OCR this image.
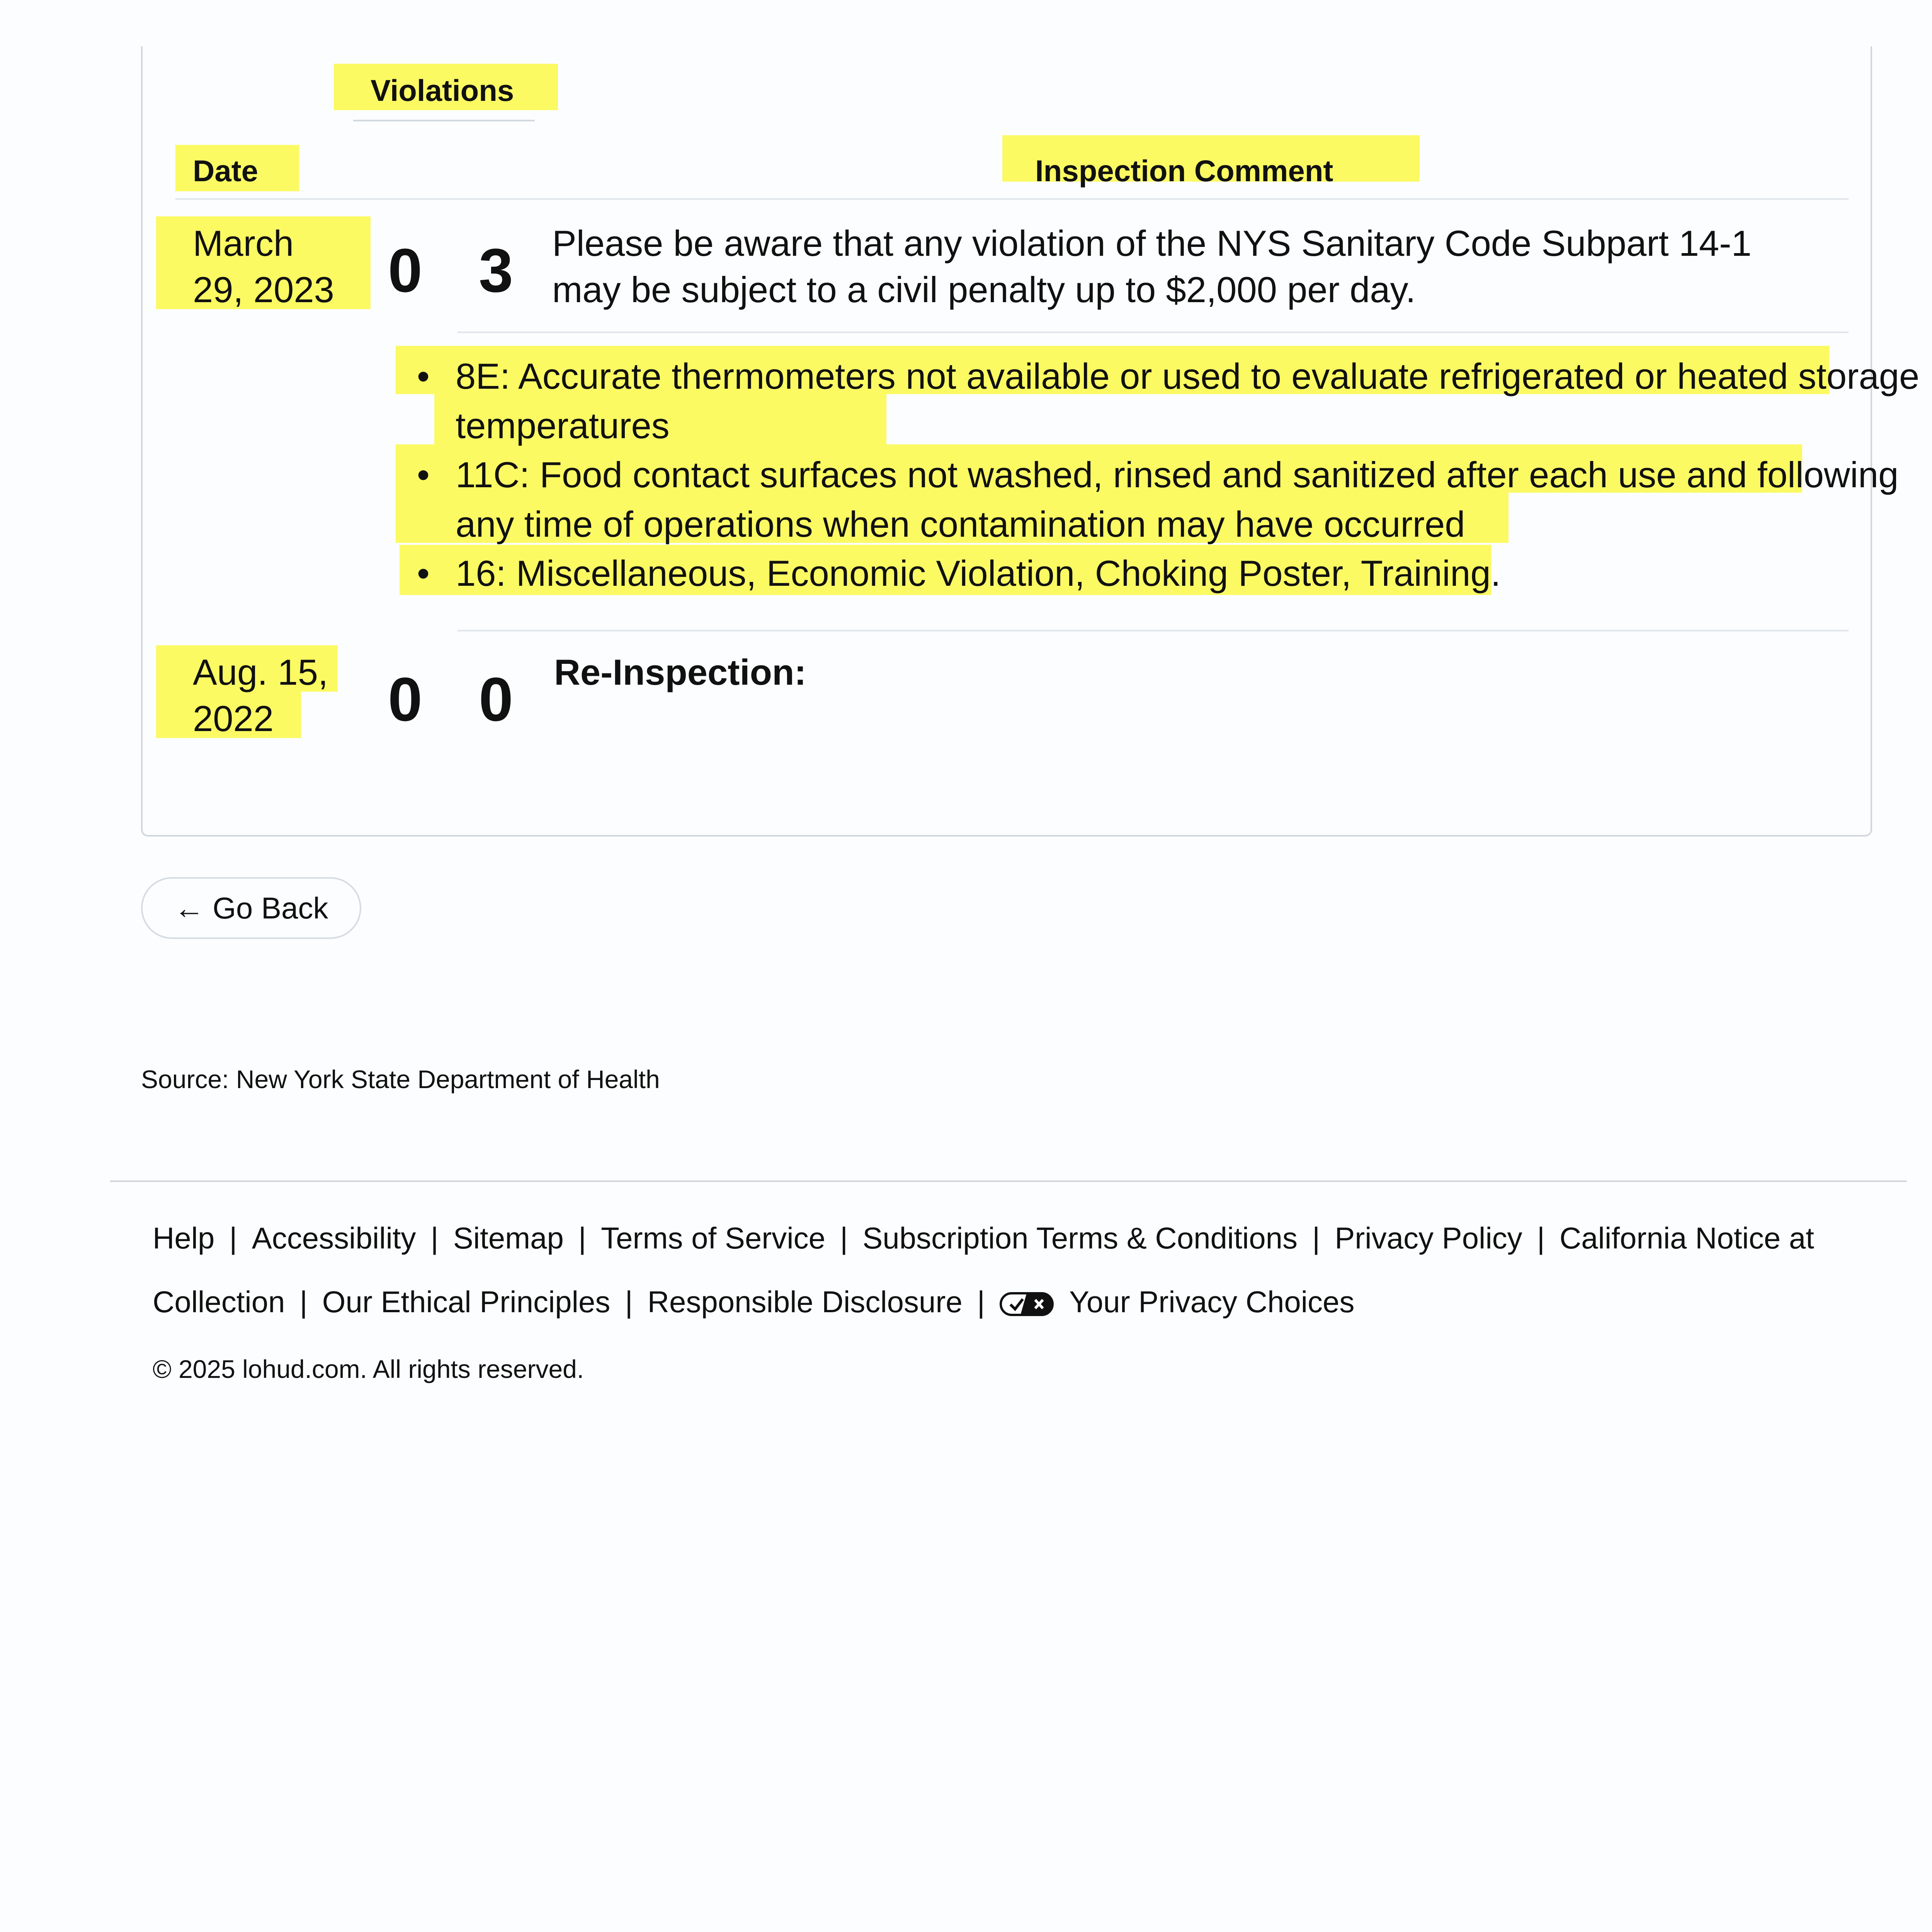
Violations
Date	Inspection Comment
March
29, 2023 0 3 Please be aware that any violation of the NYS Sanitary Code Subpart 14-1
may be subject to a civil penalty up to $2,000 per day.
• 8E: Accurate thermometers not available or used to evaluate refrigerated or heated storage temperatures
• 11C: Food contact surfaces not washed, rinsed and sanitized after each use and following any time of operations when contamination may have occurred
• 16: Miscellaneous, Economic Violation, Choking Poster, Training.
Aug. 15,
2022 0 0 Re-Inspection:
← Go Back
Source: New York State Department of Health
Help | Accessibility | Sitemap | Terms of Service | Subscription Terms & Conditions | Privacy Policy | California Notice at
Collection | Our Ethical Principles | Responsible Disclosure |	Your Privacy Choices
© 2025 lohud.com. All rights reserved.
